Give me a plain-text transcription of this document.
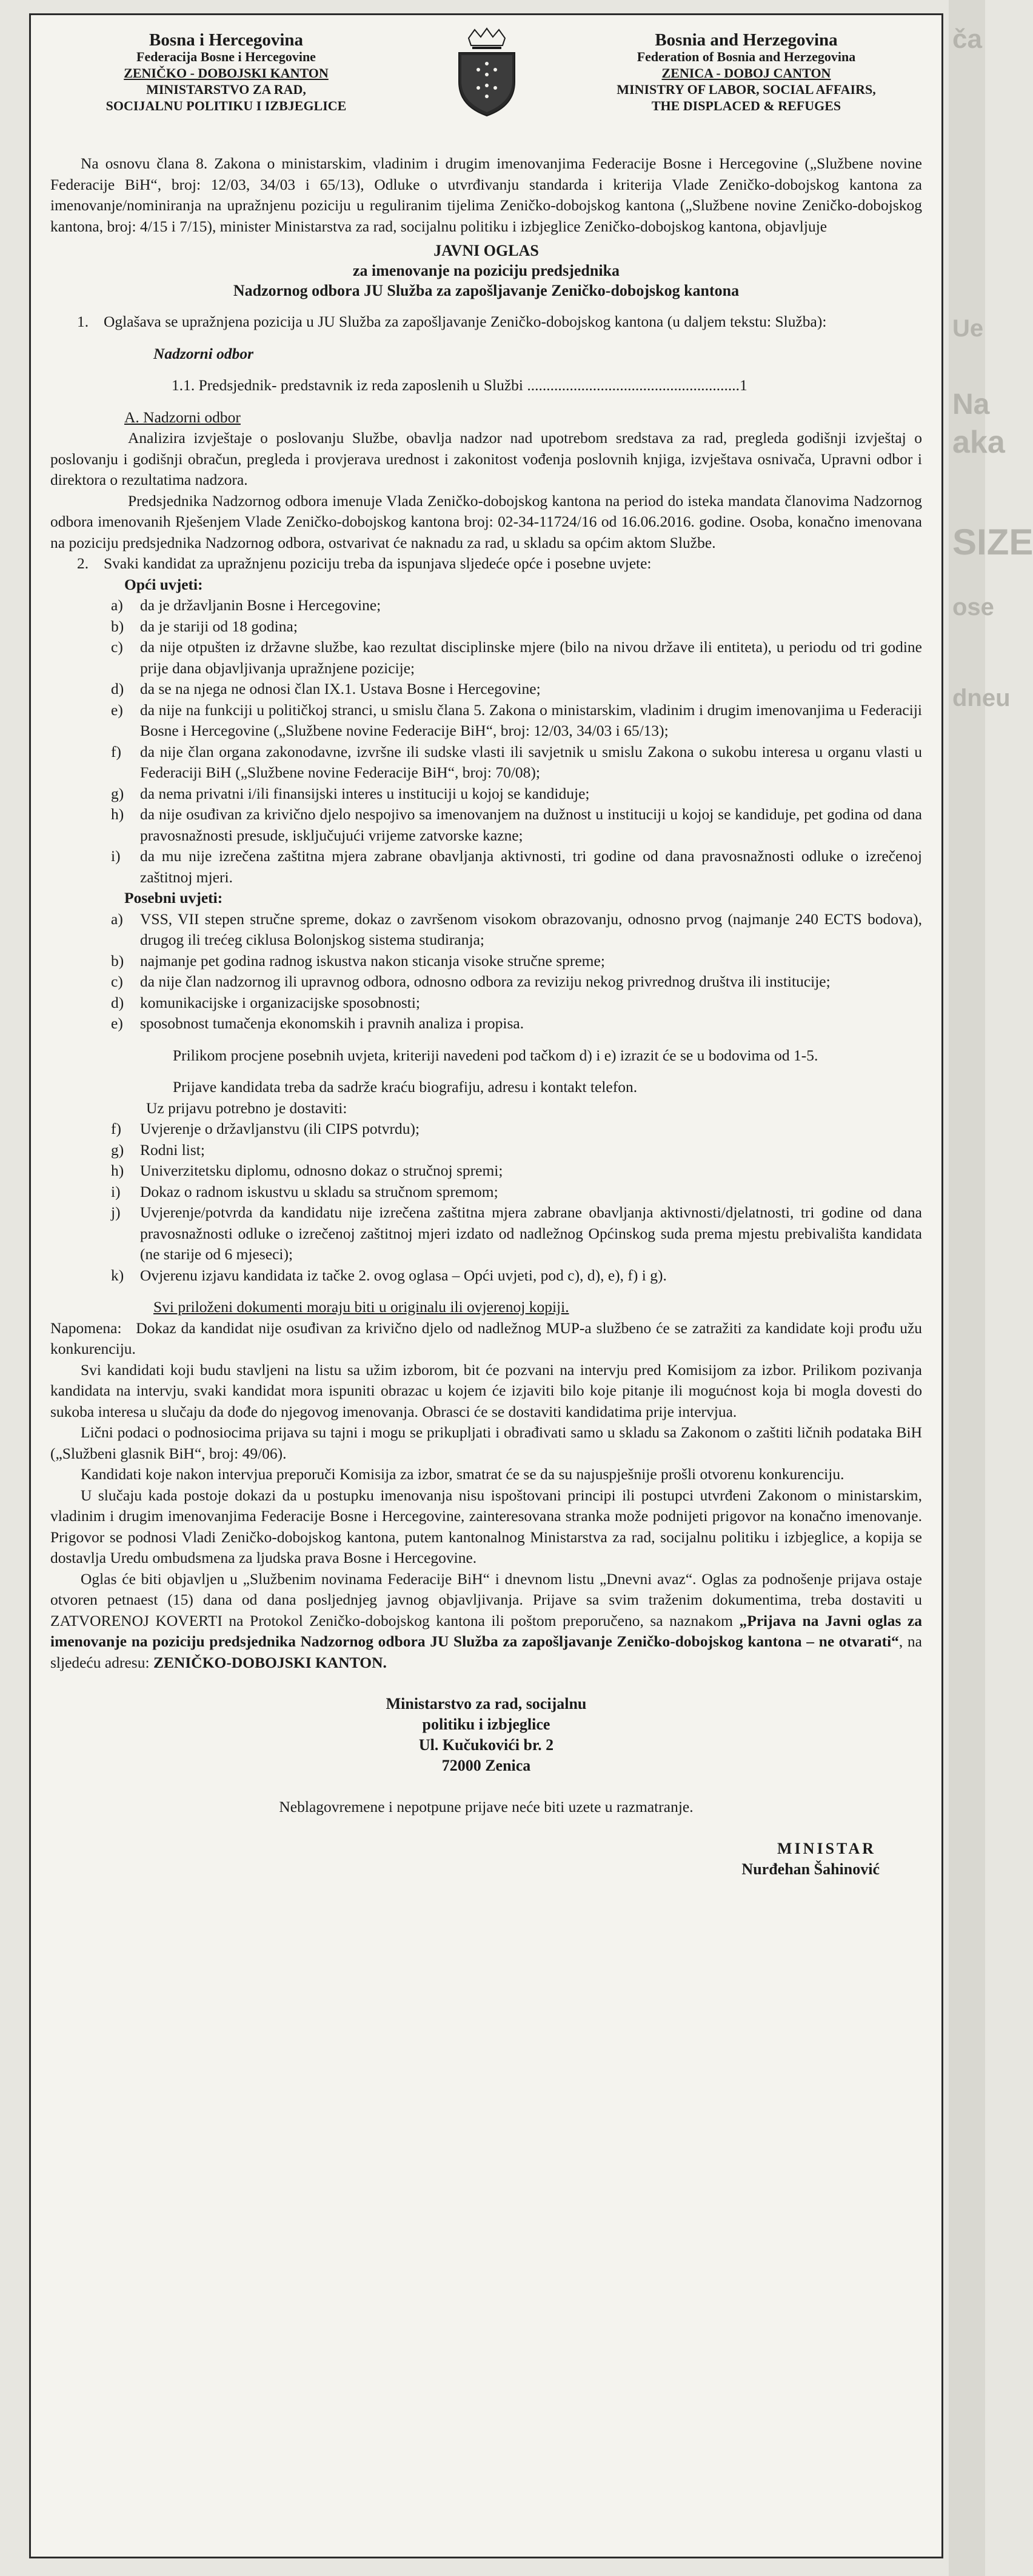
ča
Ue
Na
aka
SIZE
ose
dneu
Bosna i Hercegovina
Federacija Bosne i Hercegovine
ZENIČKO - DOBOJSKI KANTON
MINISTARSTVO ZA RAD,
SOCIJALNU POLITIKU I IZBJEGLICE
Bosnia and Herzegovina
Federation of Bosnia and Herzegovina
ZENICA - DOBOJ CANTON
MINISTRY OF LABOR, SOCIAL AFFAIRS,
THE DISPLACED & REFUGES

Na osnovu člana 8. Zakona o ministarskim, vladinim i drugim imenovanjima Federacije Bosne i Hercegovine („Službene novine Federacije BiH“, broj: 12/03, 34/03 i 65/13), Odluke o utvrđivanju standarda i kriterija Vlade Zeničko-dobojskog kantona za imenovanje/nominiranja na upražnjenu poziciju u reguliranim tijelima Zeničko-dobojskog kantona („Službene novine Zeničko-dobojskog kantona, broj: 4/15 i 7/15), minister Ministarstva za rad, socijalnu politiku i izbjeglice Zeničko-dobojskog kantona, objavljuje

JAVNI OGLAS

za imenovanje na poziciju predsjednika

Nadzornog odbora JU Služba za zapošljavanje Zeničko-dobojskog kantona

1. Oglašava se upražnjena pozicija u JU Služba za zapošljavanje Zeničko-dobojskog kantona (u daljem tekstu: Služba):

Nadzorni odbor

1.1. Predsjednik- predstavnik iz reda zaposlenih u Službi .......................................................1

A. Nadzorni odbor

Analizira izvještaje o poslovanju Službe, obavlja nadzor nad upotrebom sredstava za rad, pregleda godišnji izvještaj o poslovanju i godišnji obračun, pregleda i provjerava urednost i zakonitost vođenja poslovnih knjiga, izvještava osnivača, Upravni odbor i direktora o rezultatima nadzora.

Predsjednika Nadzornog odbora imenuje Vlada Zeničko-dobojskog kantona na period do isteka mandata članovima Nadzornog odbora imenovanih Rješenjem Vlade Zeničko-dobojskog kantona broj: 02-34-11724/16 od 16.06.2016. godine. Osoba, konačno imenovana na poziciju predsjednika Nadzornog odbora, ostvarivat će naknadu za rad, u skladu sa općim aktom Službe.

2. Svaki kandidat za upražnjenu poziciju treba da ispunjava sljedeće opće i posebne uvjete:

Opći uvjeti:

a)	da je državljanin Bosne i Hercegovine;
b)	da je stariji od 18 godina;
c)	da nije otpušten iz državne službe, kao rezultat disciplinske mjere (bilo na nivou države ili entiteta), u periodu od tri godine prije dana objavljivanja upražnjene pozicije;
d)	da se na njega ne odnosi član IX.1. Ustava Bosne i Hercegovine;
e)	da nije na funkciji u političkoj stranci, u smislu člana 5. Zakona o ministarskim, vladinim i drugim imenovanjima u Federaciji Bosne i Hercegovine („Službene novine Federacije BiH“, broj: 12/03, 34/03 i 65/13);
f)	da nije član organa zakonodavne, izvršne ili sudske vlasti ili savjetnik u smislu Zakona o sukobu interesa u organu vlasti u Federaciji BiH („Službene novine Federacije BiH“, broj: 70/08);
g)	da nema privatni i/ili finansijski interes u instituciji u kojoj se kandiduje;
h)	da nije osuđivan za krivično djelo nespojivo sa imenovanjem na dužnost u instituciji u kojoj se kandiduje, pet godina od dana pravosnažnosti presude, isključujući vrijeme zatvorske kazne;
i)	da mu nije izrečena zaštitna mjera zabrane obavljanja aktivnosti, tri godine od dana pravosnažnosti odluke o izrečenoj zaštitnoj mjeri.

Posebni uvjeti:

a)	VSS, VII stepen stručne spreme, dokaz o završenom visokom obrazovanju, odnosno prvog (najmanje 240 ECTS bodova), drugog ili trećeg ciklusa Bolonjskog sistema studiranja;
b)	najmanje pet godina radnog iskustva nakon sticanja visoke stručne spreme;
c)	da nije član nadzornog ili upravnog odbora, odnosno odbora za reviziju nekog privrednog društva ili institucije;
d)	komunikacijske i organizacijske sposobnosti;
e)	sposobnost tumačenja ekonomskih i pravnih analiza i propisa.

Prilikom procjene posebnih uvjeta, kriteriji navedeni pod tačkom d) i e) izrazit će se u bodovima od 1-5.

Prijave kandidata treba da sadrže kraću biografiju, adresu i kontakt telefon.

Uz prijavu potrebno je dostaviti:

f)	Uvjerenje o državljanstvu (ili CIPS potvrdu);
g)	Rodni list;
h)	Univerzitetsku diplomu, odnosno dokaz o stručnoj spremi;
i)	Dokaz o radnom iskustvu u skladu sa stručnom spremom;
j)	Uvjerenje/potvrda da kandidatu nije izrečena zaštitna mjera zabrane obavljanja aktivnosti/djelatnosti, tri godine od dana pravosnažnosti odluke o izrečenoj zaštitnoj mjeri izdato od nadležnog Općinskog suda prema mjestu prebivališta kandidata (ne starije od 6 mjeseci);
k)	Ovjerenu izjavu kandidata iz tačke 2. ovog oglasa – Opći uvjeti, pod c), d), e), f) i g).

Svi priloženi dokumenti moraju biti u originalu ili ovjerenoj kopiji.

Napomena: Dokaz da kandidat nije osuđivan za krivično djelo od nadležnog MUP-a službeno će se zatražiti za kandidate koji prođu užu konkurenciju.

Svi kandidati koji budu stavljeni na listu sa užim izborom, bit će pozvani na intervju pred Komisijom za izbor. Prilikom pozivanja kandidata na intervju, svaki kandidat mora ispuniti obrazac u kojem će izjaviti bilo koje pitanje ili mogućnost koja bi mogla dovesti do sukoba interesa u slučaju da dođe do njegovog imenovanja. Obrasci će se dostaviti kandidatima prije intervjua.

Lični podaci o podnosiocima prijava su tajni i mogu se prikupljati i obrađivati samo u skladu sa Zakonom o zaštiti ličnih podataka BiH („Službeni glasnik BiH“, broj: 49/06).

Kandidati koje nakon intervjua preporuči Komisija za izbor, smatrat će se da su najuspješnije prošli otvorenu konkurenciju.

U slučaju kada postoje dokazi da u postupku imenovanja nisu ispoštovani principi ili postupci utvrđeni Zakonom o ministarskim, vladinim i drugim imenovanjima Federacije Bosne i Hercegovine, zainteresovana stranka može podnijeti prigovor na konačno imenovanje. Prigovor se podnosi Vladi Zeničko-dobojskog kantona, putem kantonalnog Ministarstva za rad, socijalnu politiku i izbjeglice, a kopija se dostavlja Uredu ombudsmena za ljudska prava Bosne i Hercegovine.

Oglas će biti objavljen u „Službenim novinama Federacije BiH“ i dnevnom listu „Dnevni avaz“. Oglas za podnošenje prijava ostaje otvoren petnaest (15) dana od dana posljednjeg javnog objavljivanja. Prijave sa svim traženim dokumentima, treba dostaviti u ZATVORENOJ KOVERTI na Protokol Zeničko-dobojskog kantona ili poštom preporučeno, sa naznakom „Prijava na Javni oglas za imenovanje na poziciju predsjednika Nadzornog odbora JU Služba za zapošljavanje Zeničko-dobojskog kantona – ne otvarati“, na sljedeću adresu: ZENIČKO-DOBOJSKI KANTON.

Ministarstvo za rad, socijalnu
politiku i izbjeglice
Ul. Kučukovići br. 2
72000 Zenica

Neblagovremene i nepotpune prijave neće biti uzete u razmatranje.

MINISTAR
Nurđehan Šahinović
